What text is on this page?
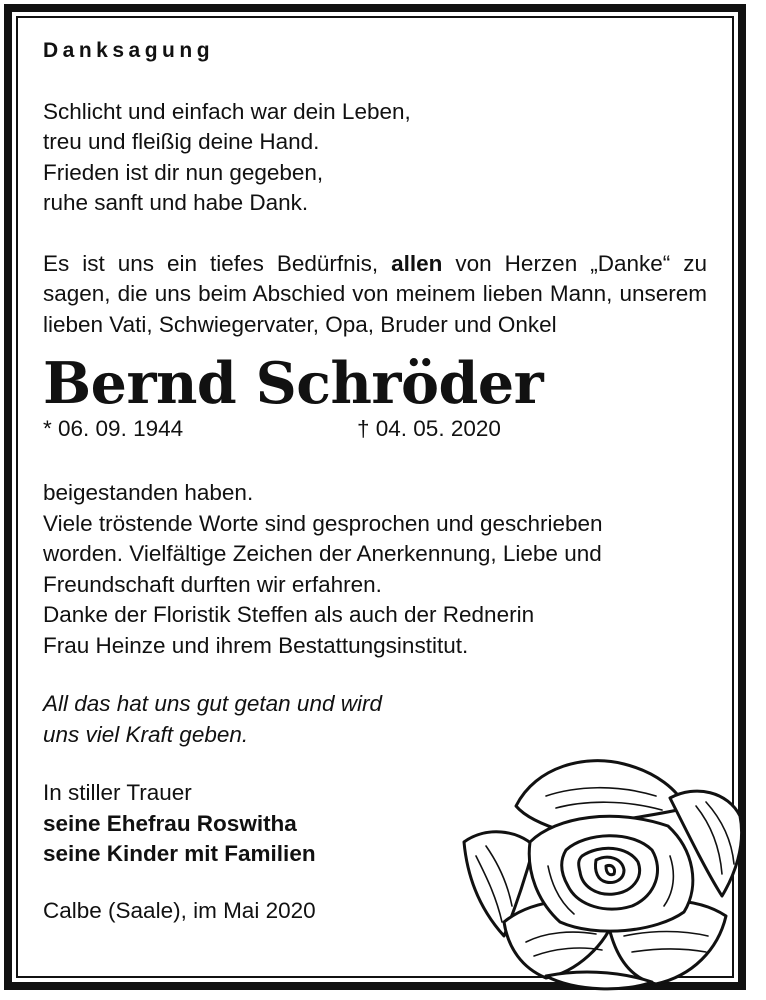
Danksagung
Schlicht und einfach war dein Leben,
treu und fleißig deine Hand.
Frieden ist dir nun gegeben,
ruhe sanft und habe Dank.
Es ist uns ein tiefes Bedürfnis, allen von Herzen „Danke“ zu sagen, die uns beim Abschied von meinem lieben Mann, unserem lieben Vati, Schwiegervater, Opa, Bruder und Onkel
Bernd Schröder
* 06. 09. 1944	† 04. 05. 2020
beigestanden haben.
Viele tröstende Worte sind gesprochen und geschrieben
worden. Vielfältige Zeichen der Anerkennung, Liebe und
Freundschaft durften wir erfahren.
Danke der Floristik Steffen als auch der Rednerin
Frau Heinze und ihrem Bestattungsinstitut.
All das hat uns gut getan und wird
uns viel Kraft geben.
In stiller Trauer
seine Ehefrau Roswitha
seine Kinder mit Familien
Calbe (Saale), im Mai 2020
